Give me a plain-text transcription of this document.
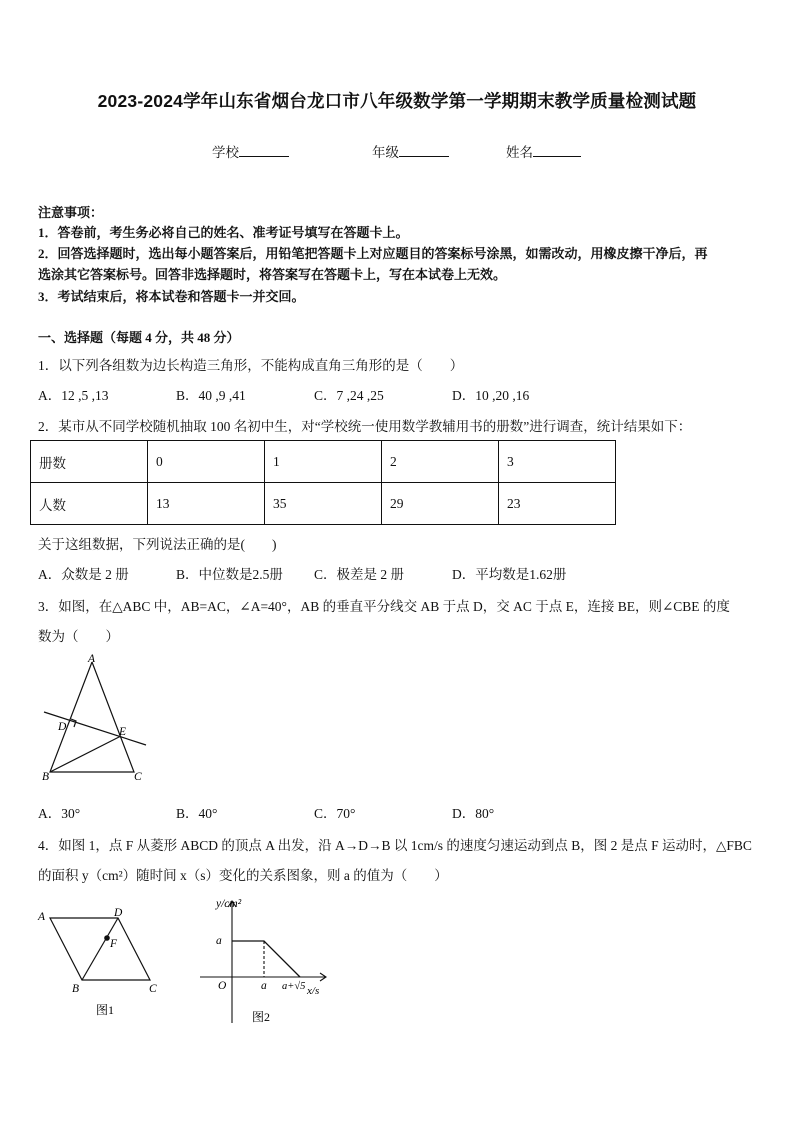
2023-2024学年山东省烟台龙口市八年级数学第一学期期末教学质量检测试题
学校	年级	姓名
注意事项：
1．答卷前，考生务必将自己的姓名、准考证号填写在答题卡上。
2．回答选择题时，选出每小题答案后，用铅笔把答题卡上对应题目的答案标号涂黑，如需改动，用橡皮擦干净后，再
选涂其它答案标号。回答非选择题时，将答案写在答题卡上，写在本试卷上无效。
3．考试结束后，将本试卷和答题卡一并交回。
一、选择题（每题 4 分，共 48 分）
1．以下列各组数为边长构造三角形，不能构成直角三角形的是（　　）
A．12 ,5 ,13	B．40 ,9 ,41	C．7 ,24 ,25	D．10 ,20 ,16
2．某市从不同学校随机抽取 100 名初中生，对“学校统一使用数学教辅用书的册数”进行调查，统计结果如下：
册数	0	1	2	3
人数	13	35	29	23
关于这组数据，下列说法正确的是(　　)
A．众数是 2 册	B．中位数是2.5册 C．极差是 2 册	D．平均数是1.62册
3．如图，在△ABC 中，AB=AC，∠A=40°，AB 的垂直平分线交 AB 于点 D，交 AC 于点 E，连接 BE，则∠CBE 的度
数为（　　）
A
D	E
B	C
A．30°	B．40°	C．70°	D．80°
4．如图 1，点 F 从菱形 ABCD 的顶点 A 出发，沿 A→D→B 以 1cm/s 的速度匀速运动到点 B，图 2 是点 F 运动时，△FBC
的面积 y（cm²）随时间 x（s）变化的关系图象，则 a 的值为（　　）
A	D
F
B	C
图1
y/cm²
a
O	a a+√5 x/s
图2
